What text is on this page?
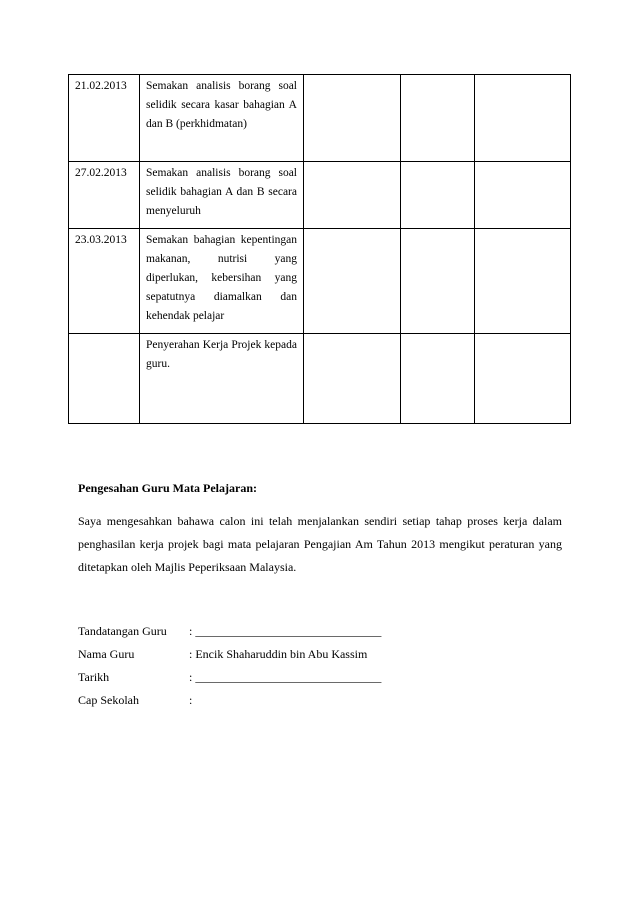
21.02.2013	Semakan analisis borang soal selidik secara kasar bahagian A dan B (perkhidmatan)			
27.02.2013	Semakan analisis borang soal selidik bahagian A dan B secara menyeluruh			
23.03.2013	Semakan bahagian kepentingan makanan, nutrisi yang diperlukan, kebersihan yang sepatutnya diamalkan dan kehendak pelajar			
	Penyerahan Kerja Projek kepada guru.			
Pengesahan Guru Mata Pelajaran:
Saya mengesahkan bahawa calon ini telah menjalankan sendiri setiap tahap proses kerja dalam penghasilan kerja projek bagi mata pelajaran Pengajian Am Tahun 2013 mengikut peraturan yang ditetapkan oleh Majlis Peperiksaan Malaysia.
Tandatangan Guru : _______________________________
Nama Guru	: Encik Shaharuddin bin Abu Kassim
Tarikh	: _______________________________
Cap Sekolah	:
